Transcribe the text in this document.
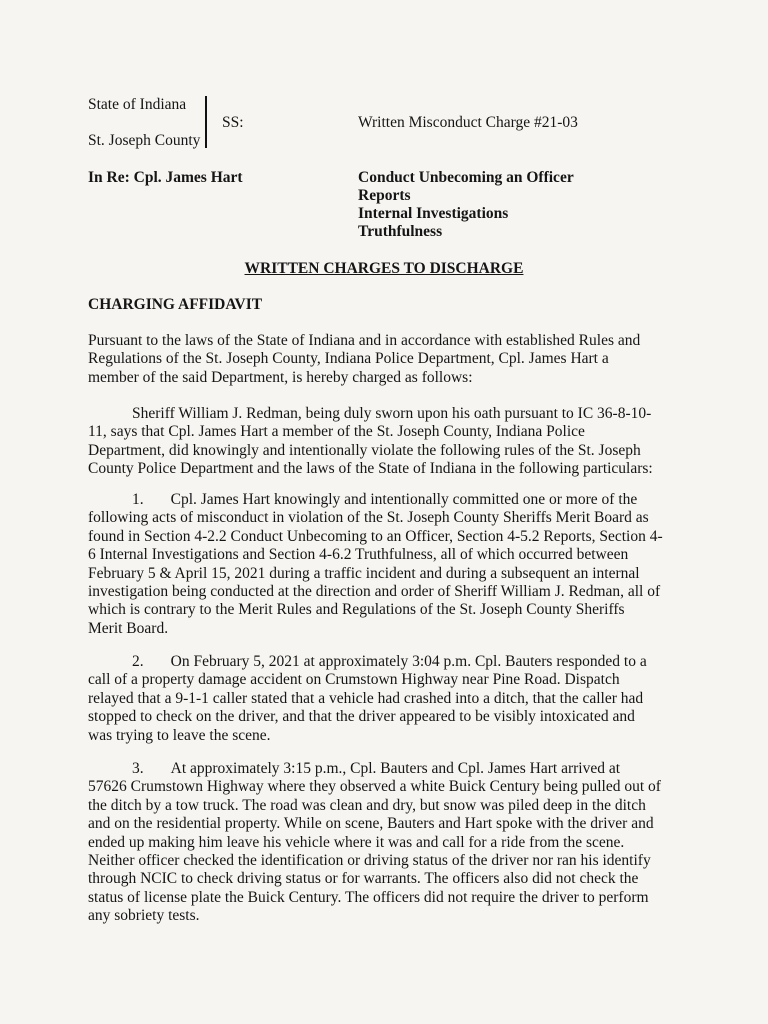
State of Indiana
St. Joseph County
SS:	Written Misconduct Charge #21-03
In Re: Cpl. James Hart	Conduct Unbecoming an Officer
Reports
Internal Investigations
Truthfulness
WRITTEN CHARGES TO DISCHARGE
CHARGING AFFIDAVIT
Pursuant to the laws of the State of Indiana and in accordance with established Rules and
Regulations of the St. Joseph County, Indiana Police Department, Cpl. James Hart a
member of the said Department, is hereby charged as follows:
Sheriff William J. Redman, being duly sworn upon his oath pursuant to IC 36-8-10-
11, says that Cpl. James Hart a member of the St. Joseph County, Indiana Police
Department, did knowingly and intentionally violate the following rules of the St. Joseph
County Police Department and the laws of the State of Indiana in the following particulars:
1. Cpl. James Hart knowingly and intentionally committed one or more of the
following acts of misconduct in violation of the St. Joseph County Sheriffs Merit Board as
found in Section 4-2.2 Conduct Unbecoming to an Officer, Section 4-5.2 Reports, Section 4-
6 Internal Investigations and Section 4-6.2 Truthfulness, all of which occurred between
February 5 & April 15, 2021 during a traffic incident and during a subsequent an internal
investigation being conducted at the direction and order of Sheriff William J. Redman, all of
which is contrary to the Merit Rules and Regulations of the St. Joseph County Sheriffs
Merit Board.
2. On February 5, 2021 at approximately 3:04 p.m. Cpl. Bauters responded to a
call of a property damage accident on Crumstown Highway near Pine Road. Dispatch
relayed that a 9-1-1 caller stated that a vehicle had crashed into a ditch, that the caller had
stopped to check on the driver, and that the driver appeared to be visibly intoxicated and
was trying to leave the scene.
3. At approximately 3:15 p.m., Cpl. Bauters and Cpl. James Hart arrived at
57626 Crumstown Highway where they observed a white Buick Century being pulled out of
the ditch by a tow truck. The road was clean and dry, but snow was piled deep in the ditch
and on the residential property. While on scene, Bauters and Hart spoke with the driver and
ended up making him leave his vehicle where it was and call for a ride from the scene.
Neither officer checked the identification or driving status of the driver nor ran his identify
through NCIC to check driving status or for warrants. The officers also did not check the
status of license plate the Buick Century. The officers did not require the driver to perform
any sobriety tests.
